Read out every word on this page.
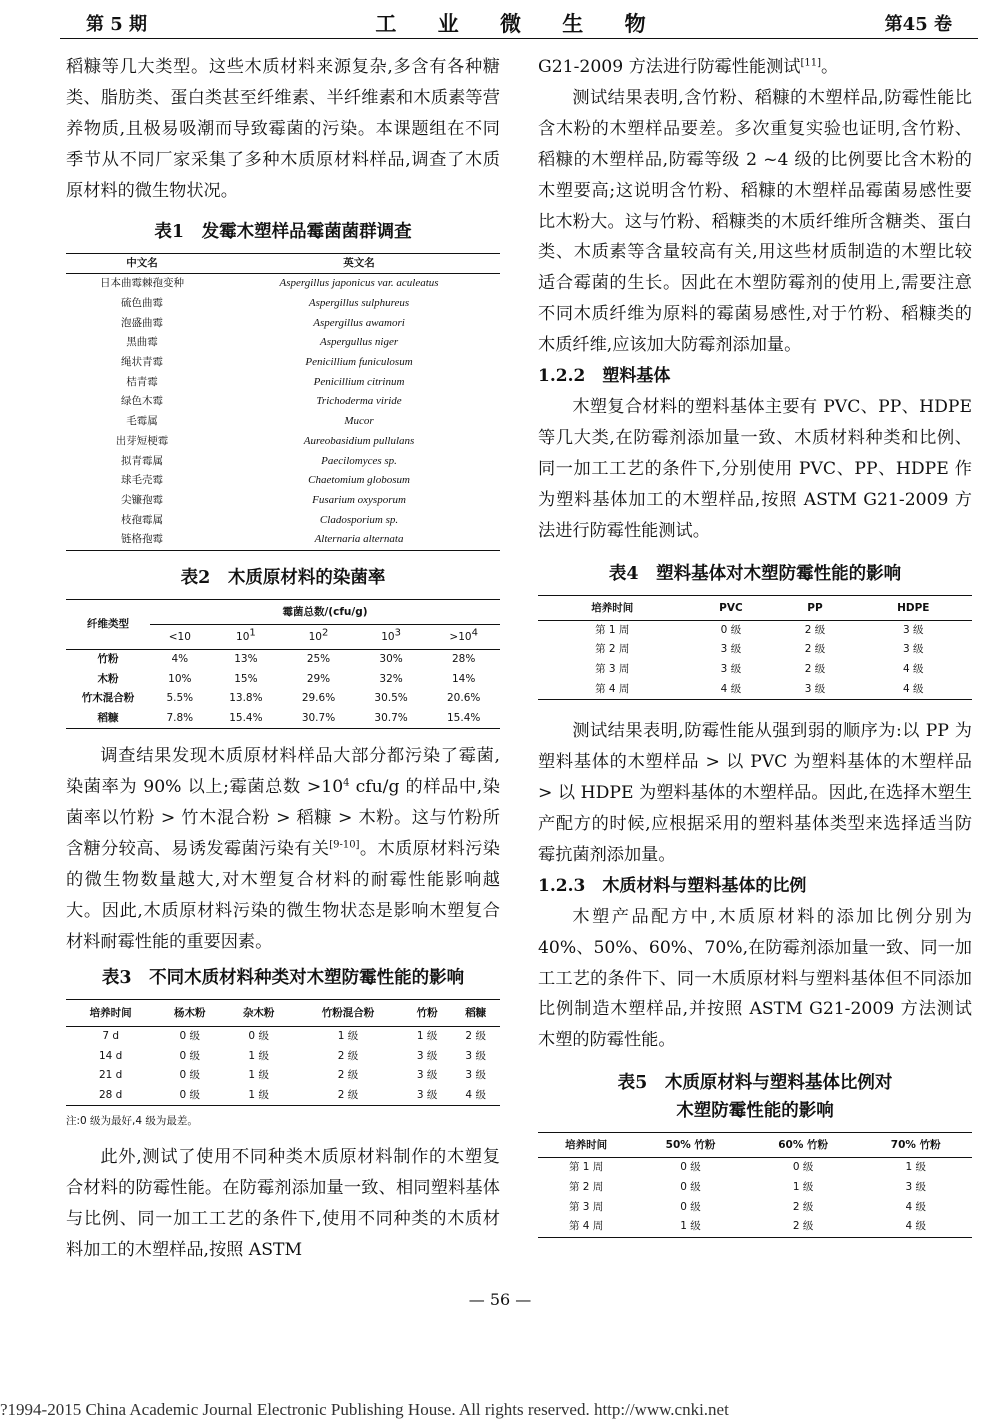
第 5 期	工 业 微 生 物	第45 卷

稻糠等几大类型。这些木质材料来源复杂,多含有各种糖类、脂肪类、蛋白类甚至纤维素、半纤维素和木质素等营养物质,且极易吸潮而导致霉菌的污染。本课题组在不同季节从不同厂家采集了多种木质原材料样品,调查了木质原材料的微生物状况。

表1　发霉木塑样品霉菌菌群调查
中文名	英文名
日本曲霉棘孢变种	Aspergillus japonicus var. aculeatus
硫色曲霉	Aspergillus sulphureus
泡盛曲霉	Aspergillus awamori
黑曲霉	Aspergullus niger
绳状青霉	Penicillium funiculosum
桔青霉	Penicillium citrinum
绿色木霉	Trichoderma viride
毛霉属	Mucor
出芽短梗霉	Aureobasidium pullulans
拟青霉属	Paecilomyces sp.
球毛壳霉	Chaetomium globosum
尖镰孢霉	Fusarium oxysporum
枝孢霉属	Cladosporium sp.
链格孢霉	Alternaria alternata
表2　木质原材料的染菌率
纤维类型	霉菌总数/(cfu/g)				
	<10	$10^1$	$10^2$	$10^3$	$>10^4$
竹粉	4%	13%	25%	30%	28%
木粉	10%	15%	29%	32%	14%
竹木混合粉	5.5%	13.8%	29.6%	30.5%	20.6%
稻糠	7.8%	15.4%	30.7%	30.7%	15.4%

调查结果发现木质原材料样品大部分都污染了霉菌,染菌率为 90% 以上;霉菌总数 $>10^4$ cfu/g 的样品中,染菌率以竹粉 > 竹木混合粉 > 稻糠 > 木粉。这与竹粉所含糖分较高、易诱发霉菌污染有关[9-10]。木质原材料污染的微生物数量越大,对木塑复合材料的耐霉性能影响越大。因此,木质原材料污染的微生物状态是影响木塑复合材料耐霉性能的重要因素。

表3　不同木质材料种类对木塑防霉性能的影响
培养时间	杨木粉	杂木粉	竹粉混合粉	竹粉	稻糠
7 d	0 级	0 级	1 级	1 级	2 级
14 d	0 级	1 级	2 级	3 级	3 级
21 d	0 级	1 级	2 级	3 级	3 级
28 d	0 级	1 级	2 级	3 级	4 级
注:0 级为最好,4 级为最差。

此外,测试了使用不同种类木质原材料制作的木塑复合材料的防霉性能。在防霉剂添加量一致、相同塑料基体与比例、同一加工工艺的条件下,使用不同种类的木质材料加工的木塑样品,按照 ASTM

G21-2009 方法进行防霉性能测试[11]。

测试结果表明,含竹粉、稻糠的木塑样品,防霉性能比含木粉的木塑样品要差。多次重复实验也证明,含竹粉、稻糠的木塑样品,防霉等级 2 ~4 级的比例要比含木粉的木塑要高;这说明含竹粉、稻糠的木塑样品霉菌易感性要比木粉大。这与竹粉、稻糠类的木质纤维所含糖类、蛋白类、木质素等含量较高有关,用这些材质制造的木塑比较适合霉菌的生长。因此在木塑防霉剂的使用上,需要注意不同木质纤维为原料的霉菌易感性,对于竹粉、稻糠类的木质纤维,应该加大防霉剂添加量。

1.2.2　塑料基体

木塑复合材料的塑料基体主要有 PVC、PP、HDPE 等几大类,在防霉剂添加量一致、木质材料种类和比例、同一加工工艺的条件下,分别使用 PVC、PP、HDPE 作为塑料基体加工的木塑样品,按照 ASTM G21-2009 方法进行防霉性能测试。

表4　塑料基体对木塑防霉性能的影响
培养时间	PVC	PP	HDPE
第 1 周	0 级	2 级	3 级
第 2 周	3 级	2 级	3 级
第 3 周	3 级	2 级	4 级
第 4 周	4 级	3 级	4 级

测试结果表明,防霉性能从强到弱的顺序为:以 PP 为塑料基体的木塑样品 > 以 PVC 为塑料基体的木塑样品 > 以 HDPE 为塑料基体的木塑样品。因此,在选择木塑生产配方的时候,应根据采用的塑料基体类型来选择适当防霉抗菌剂添加量。

1.2.3　木质材料与塑料基体的比例

木塑产品配方中,木质原材料的添加比例分别为 40%、50%、60%、70%,在防霉剂添加量一致、同一加工工艺的条件下、同一木质原材料与塑料基体但不同添加比例制造木塑样品,并按照 ASTM G21-2009 方法测试木塑的防霉性能。

表5　木质原材料与塑料基体比例对
木塑防霉性能的影响
培养时间	50% 竹粉	60% 竹粉	70% 竹粉
第 1 周	0 级	0 级	1 级
第 2 周	0 级	1 级	3 级
第 3 周	0 级	2 级	4 级
第 4 周	1 级	2 级	4 级
— 56 —
?1994-2015 China Academic Journal Electronic Publishing House. All rights reserved. http://www.cnki.net
